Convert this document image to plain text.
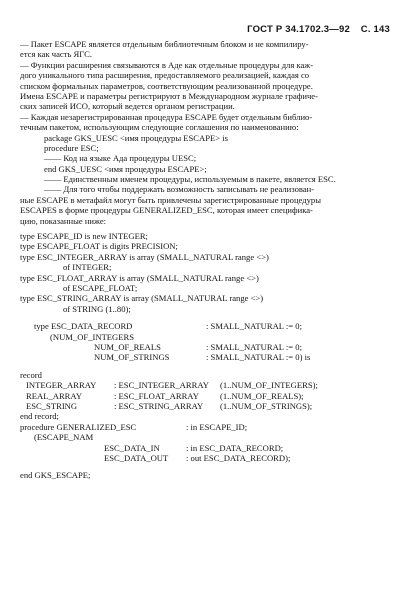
ГОСТ Р 34.1702.3—92 С. 143
— Пакет ESCAPE является отдельным библиотечным блоком и не компилиру-
ется как часть ЯГС.
— Функции расширения связываются в Аде как отдельные процедуры для каж-
дого уникального типа расширения, предоставляемого реализацией, каждая со
списком формальных параметров, соответствующим реализованной процедуре.
Имена ESCAPE и параметры регистрируют в Международном журнале графиче-
ских записей ИСО, который ведется органом регистрации.
— Каждая незарегистрированная процедура ESCAPE будет отдельным библио-
течным пакетом, использующим следующие соглашения по наименованию:
package GKS_UESC <имя процедуры ESCAPE> is
procedure ESC;
—— Код на языке Ада процедуры UESC;
end GKS_UESC <имя процедуры ESCAPE>;
—— Единственным именем процедуры, используемым в пакете, является ESC.
—— Для того чтобы поддержать возможность записывать не реализован-
ные ESCAPE в метафайл могут быть привлечены зарегистрированные процедуры
ESCAPES в форме процедуры GENERALIZED_ESC, которая имеет специфика-
цию, показанные ниже:
type ESCAPE_ID is new INTEGER;
type ESCAPE_FLOAT is digits PRECISION;
type ESC_INTEGER_ARRAY is array (SMALL_NATURAL range <>)
of INTEGER;
type ESC_FLOAT_ARRAY is array (SMALL_NATURAL range <>)
of ESCAPE_FLOAT;
type ESC_STRING_ARRAY is array (SMALL_NATURAL range <>)
of STRING (1..80);
type ESC_DATA_RECORD	: SMALL_NATURAL := 0;
(NUM_OF_INTEGERS
NUM_OF_REALS	: SMALL_NATURAL := 0;
NUM_OF_STRINGS	: SMALL_NATURAL := 0) is
record
INTEGER_ARRAY	: ESC_INTEGER_ARRAY	(1..NUM_OF_INTEGERS);
REAL_ARRAY	: ESC_FLOAT_ARRAY	(1..NUM_OF_REALS);
ESC_STRING	: ESC_STRING_ARRAY	(1..NUM_OF_STRINGS);
end record;
procedure GENERALIZED_ESC	: in ESCAPE_ID;
(ESCAPE_NAM
ESC_DATA_IN	: in ESC_DATA_RECORD;
ESC_DATA_OUT	: out ESC_DATA_RECORD);
end GKS_ESCAPE;
